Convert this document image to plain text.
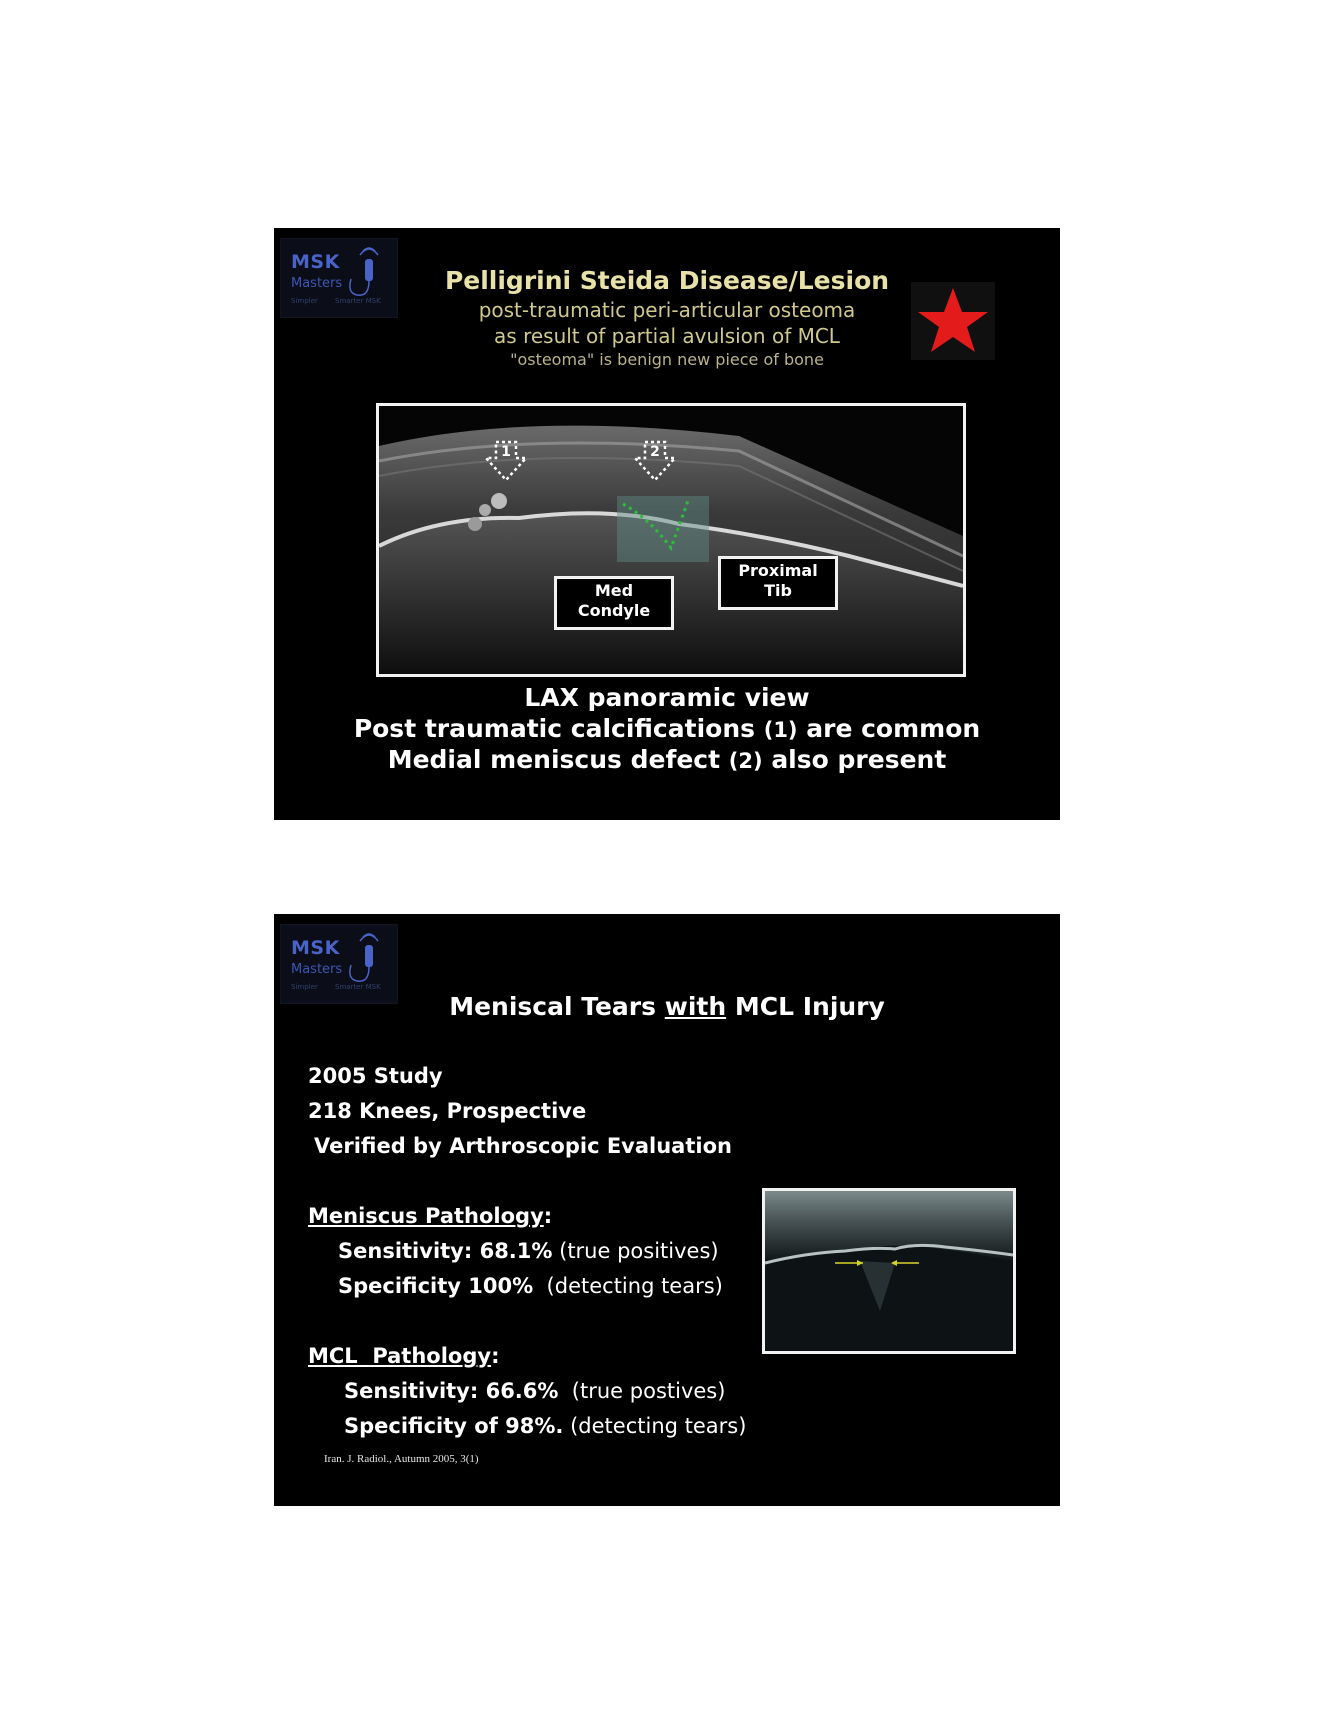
MSK
Masters
Simpler Smarter MSK
Pelligrini Steida Disease/Lesion
post-traumatic peri-articular osteoma
as result of partial avulsion of MCL
"osteoma" is benign new piece of bone
1	2
Med
Condyle
Proximal
Tib
LAX panoramic view
Post traumatic calcifications (1) are common
Medial meniscus defect (2) also present
MSK
Masters
Simpler Smarter MSK
Meniscal Tears with MCL Injury
2005 Study
218 Knees, Prospective
Verified by Arthroscopic Evaluation
Meniscus Pathology:
Sensitivity: 68.1% (true positives)
Specificity 100% (detecting tears)
MCL  Pathology:
Sensitivity: 66.6% (true postives)
Specificity of 98%. (detecting tears)
Iran. J. Radiol., Autumn 2005, 3(1)
